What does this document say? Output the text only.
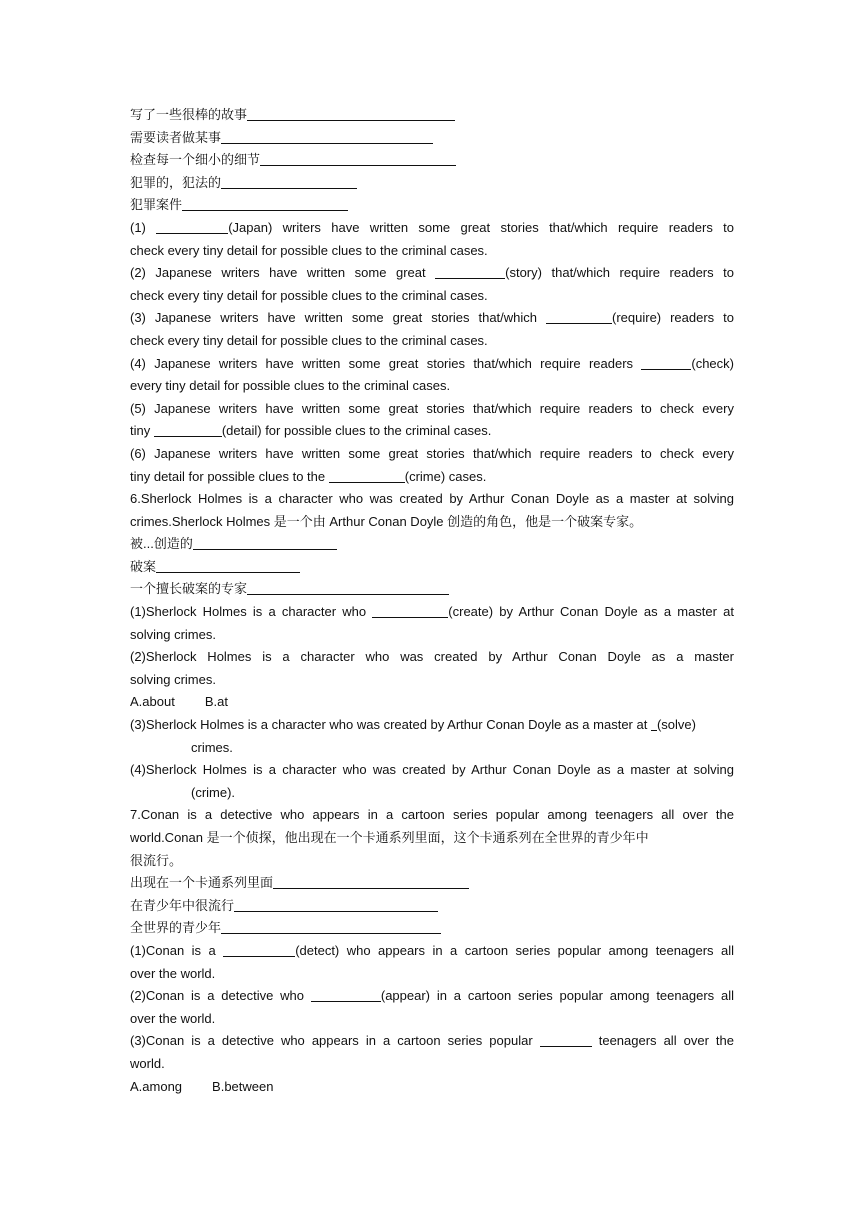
写了一些很棒的故事
需要读者做某事
检查每一个细小的细节
犯罪的，犯法的
犯罪案件
(1)	(Japan) writers have written some great stories that/which require readers to
check every tiny detail for possible clues to the criminal cases.
(2) Japanese writers have written some great	(story) that/which require readers to
check every tiny detail for possible clues to the criminal cases.
(3) Japanese writers have written some great stories that/which	(require) readers to
check every tiny detail for possible clues to the criminal cases.
(4) Japanese writers have written some great stories that/which require readers	(check)
every tiny detail for possible clues to the criminal cases.
(5) Japanese writers have written some great stories that/which require readers to check every
tiny	(detail) for possible clues to the criminal cases.
(6) Japanese writers have written some great stories that/which require readers to check every
tiny detail for possible clues to the	(crime) cases.
6.Sherlock Holmes is a character who was created by Arthur Conan Doyle as a master at solving
crimes.Sherlock Holmes 是一个由 Arthur Conan Doyle 创造的角色，他是一个破案专家。
被...创造的
破案
一个擅长破案的专家
(1)Sherlock Holmes is a character who	(create) by Arthur Conan Doyle as a master at
solving crimes.
(2)Sherlock Holmes is a character who was created by Arthur Conan Doyle as a master
solving crimes.
A.about B.at
(3)Sherlock Holmes is a character who was created by Arthur Conan Doyle as a master at (solve)
crimes.
(4)Sherlock Holmes is a character who was created by Arthur Conan Doyle as a master at solving
(crime).
7.Conan is a detective who appears in a cartoon series popular among teenagers all over the
world.Conan 是一个侦探，他出现在一个卡通系列里面，这个卡通系列在全世界的青少年中
很流行。
出现在一个卡通系列里面
在青少年中很流行
全世界的青少年
(1)Conan is a	(detect) who appears in a cartoon series popular among teenagers all
over the world.
(2)Conan is a detective who	(appear) in a cartoon series popular among teenagers all
over the world.
(3)Conan is a detective who appears in a cartoon series popular	teenagers all over the
world.
A.among B.between
